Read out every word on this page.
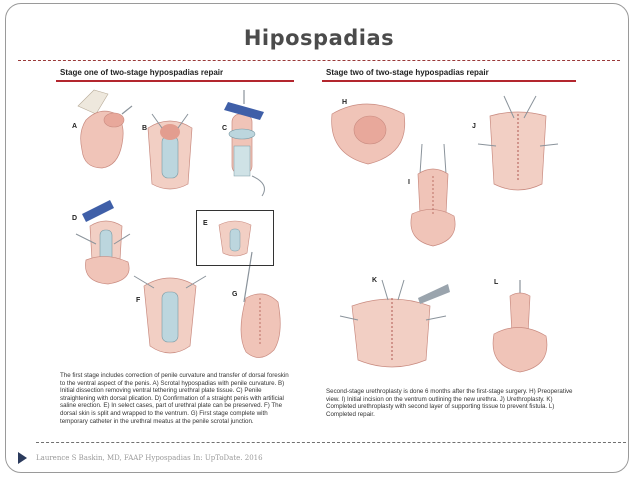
Hipospadias
Stage one of two-stage hypospadias repair
A	B	C
D
G
E
F
The first stage includes correction of penile curvature and transfer of dorsal foreskin to the ventral aspect of the penis. A) Scrotal hypospadias with penile curvature. B) Initial dissection removing ventral tethering urethral plate tissue. C) Penile straightening with dorsal plication. D) Confirmation of a straight penis with artificial saline erection. E) In select cases, part of urethral plate can be preserved. F) The dorsal skin is split and wrapped to the ventrum. G) First stage complete with temporary catheter in the urethral meatus at the penile scrotal junction.
Stage two of two-stage hypospadias repair
H
I
J
K	L
Second-stage urethroplasty is done 6 months after the first-stage surgery. H) Preoperative view. I) Initial incision on the ventrum outlining the new urethra. J) Urethroplasty. K) Completed urethroplasty with second layer of supporting tissue to prevent fistula. L) Completed repair.
Laurence S Baskin, MD, FAAP Hypospadias In: UpToDate. 2016
